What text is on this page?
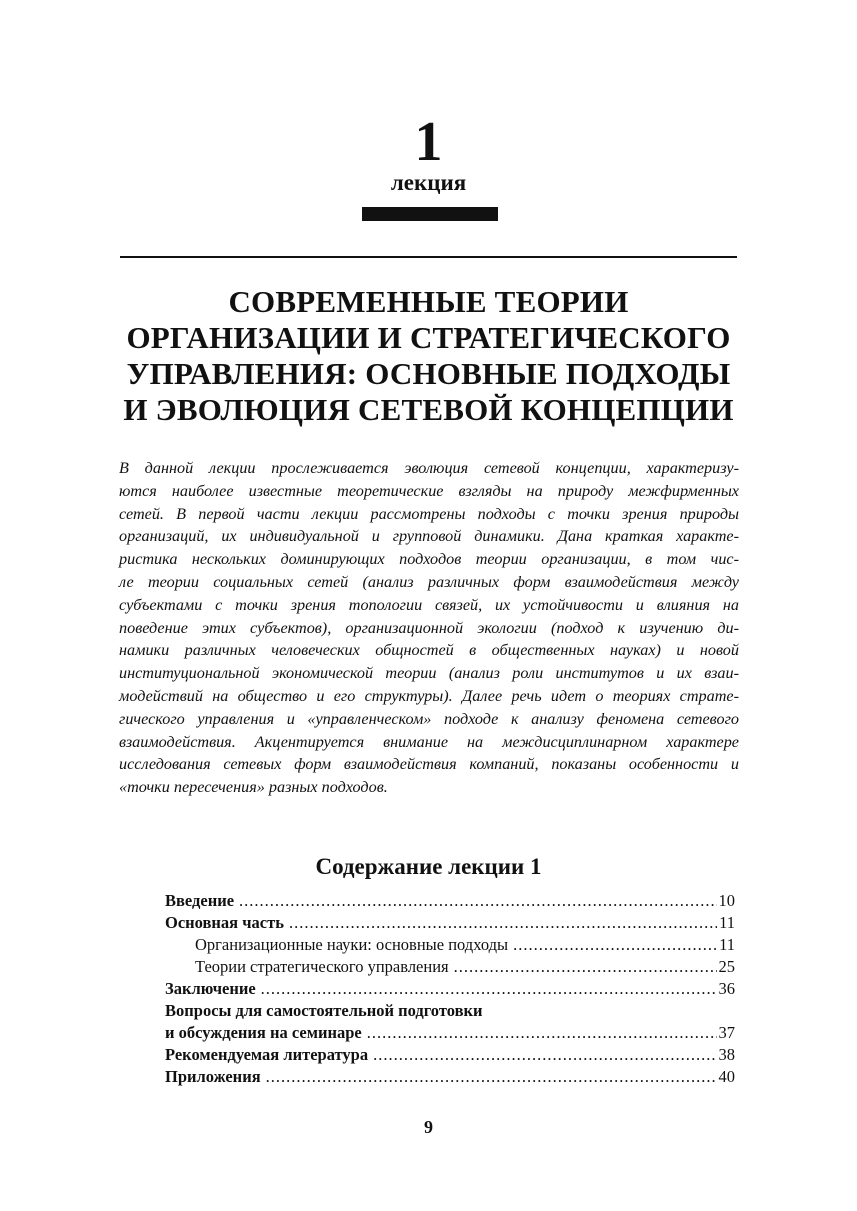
1
лекция
СОВРЕМЕННЫЕ ТЕОРИИ
ОРГАНИЗАЦИИ И СТРАТЕГИЧЕСКОГО
УПРАВЛЕНИЯ: ОСНОВНЫЕ ПОДХОДЫ
И ЭВОЛЮЦИЯ СЕТЕВОЙ КОНЦЕПЦИИ
В данной лекции прослеживается эволюция сетевой концепции, характеризу-
ются наиболее известные теоретические взгляды на природу межфирменных
сетей. В первой части лекции рассмотрены подходы с точки зрения природы
организаций, их индивидуальной и групповой динамики. Дана краткая характе-
ристика нескольких доминирующих подходов теории организации, в том чис-
ле теории социальных сетей (анализ различных форм взаимодействия между
субъектами с точки зрения топологии связей, их устойчивости и влияния на
поведение этих субъектов), организационной экологии (подход к изучению ди-
намики различных человеческих общностей в общественных науках) и новой
институциональной экономической теории (анализ роли институтов и их взаи-
модействий на общество и его структуры). Далее речь идет о теориях страте-
гического управления и «управленческом» подходе к анализу феномена сетевого
взаимодействия. Акцентируется внимание на междисциплинарном характере
исследования сетевых форм взаимодействия компаний, показаны особенности и
«точки пересечения» разных подходов.
Содержание лекции 1
Введение .....	10
Основная часть .....	11
Организационные науки: основные подходы .....	11
Теории стратегического управления .....	25
Заключение .....	36
Вопросы для самостоятельной подготовки
и обсуждения на семинаре .....	37
Рекомендуемая литература .....	38
Приложения .....	40
9
